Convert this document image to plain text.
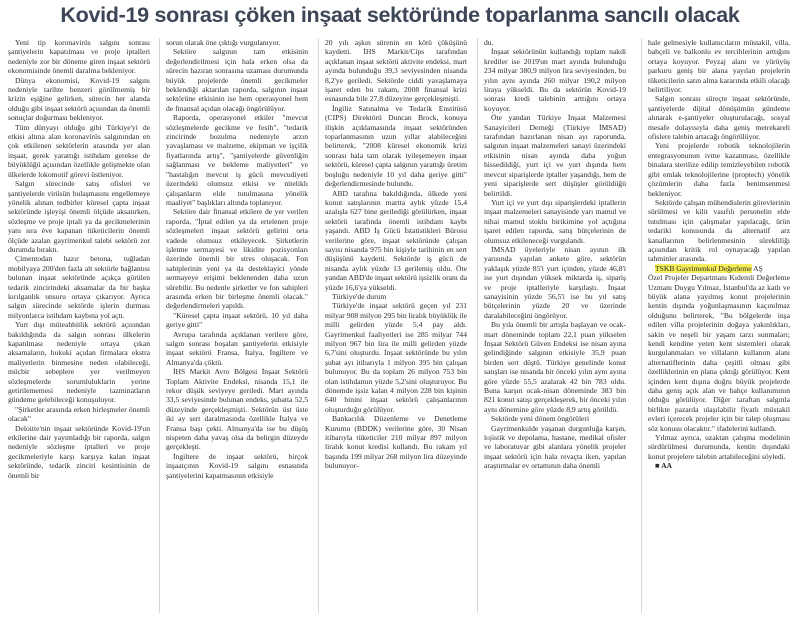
Kovid-19 sonrası çöken inşaat sektöründe toparlanma sancılı olacak

Yeni tip koronavirüs salgını sonrası şantiyelerin kapatılması ve proje iptalleri nedeniyle zor bir döneme giren inşaat sektörü ekonomisinde önemli daralma bekleniyor.

Dünya ekonomisi, Kovid-19 salgını nedeniyle tarihte benzeri görülmemiş bir krizin eşiğine gelirken, sürecin her alanda olduğu gibi inşaat sektörü açısından da önemli sonuçlar doğurması bekleniyor.

Tüm dünyayı olduğu gibi Türkiye'yi de etkisi altına alan koronavirüs salgınından en çok etkilenen sektörlerin arasında yer alan inşaat, gerek yarattığı istihdam gerekse de büyüklüğü açısından özellikle gelişmekte olan ülkelerde lokomotif görevi üstleniyor.

Salgın sürecinde satış ofisleri ve şantiyelerde virüsün bulaşmasını engellemeye yönelik alınan tedbirler küresel çapta inşaat sektöründe işleyişi önemli ölçüde aksatırken, sözleşme ve proje iptali ya da gecikmelerinin yanı sıra ève kapanan tüketicilerin önemli ölçüde azalan gayrimenkul talebi sektörü zor durumda bıraktı.

Çimentodan hazır betona, tuğladan mobilyaya 200'den fazla alt sektörle bağlantısı bulunan inşaat sektöründe açıkça görülen tedarik zincirindeki aksamalar da bir başka kırılganlık unsuru ortaya çıkarıyor. Ayrıca salgın sürecinde sektörde işlerin durması milyonlarca istihdam kaybına yol açtı.

Yurt dışı müteahhitlik sektörü açısından bakıldığında da salgın sonrası ülkelerin kapatılması nedeniyle ortaya çıkan aksamaların, hukuki açıdan firmalara ekstra maliyetlerin binmesine neden olabileceği, mücbir sebeplere yer verilmeyen sözleşmelerde sorumluluklarin yerine getirilememesi nedeniyle tazminatların gündeme gelebileceği konuşuluyor.

"Şirketler arasında erken birleşmeler önemli olacak"

Deloitte'nin inşaat sektöründe Kovid-19'un etkilerine dair yayımladığı bir raporda, salgın nedeniyle sözleşme iptalleri ve proje gecikmeleriyle karşı karşıya kalan inşaat sektöründe, tedarik zinciri kesintisinin de önemli bir

sorun olarak öne çıktığı vurgulanıyor.

Sektöre salgının tam etkisinin değerlendirilmesi için hala erken olsa da sürecin hazıran sonrasına uzaması durumunda büyük projelerde önemli gecikmeler beklendiği aktarılan raporda, salgının inşaat sektörüne etkisinin ise hem operasyonel hem de finansal açıdan olacağı öngörülüyor.

Raporda, operasyonel etkiler "mevcut sözleşmelerde gecikme ve fesih", "tedarik zincirinde bozulma nedeniyle arzın yavaşlaması ve malzeme, ekipman ve işçilik fiyatlarında artış", "şantiyelerde güvenliğin sağlanması ve bekleme maliyetleri" ve "hastalığın mevcut iş gücü mevcudiyeti üzerindeki olumsuz etkisi ve niteliklı çalışanların elde tutulmasına yönelik maaliyet" başlıkları altında toplanıyor.

Sektöre dair finansal etkilere de yer verilen raporda, "İptal edilen ya da ertelenen proje sözleşmeleri inşaat sektörü gelirini orta vadede olumsuz etkileyecek. Şirketlerin işletme sermayesi ve likidite pozisyonları üzerinde önemli bir stres oluşacak. Fon sahiplerinin yeni ya da desteklayici yönde sermayeye erişimi beklenenden daha uzun sürebilir. Bu nedenle şirketler ve fon sahipleri arasında erken bir birleşme önemli olacak." değerlendirmeleri yapıldı.

"Küresel çapta inşaat sektörü, 10 yıl daha geriye gitti"

Avrupa tarafında açıklanan verilere göre, salgın sonrası boşalan şantiyelerin etkisiyle inşaat sektörü Fransa, İtalya, İngiltere ve Almanya'da çöktü.

İHS Markit Avro Bölgesi İnşaat Sektörü Toplam Aktivite Endeksi, nisanda 15,1 ile rekor düşük seviyeye geriledi. Mart ayında 33,5 seviyesinde bulunan endeks, şubatta 52,5 düzeyinde gerçekleşmişti. Sektörün üst üste iki ay sert daralmasında özellikle İtalya ve Fransa başı çekti. Almanya'da ise bu düşüş nispeten daha yavaş olsa da belirgin düzeyde gerçekleşti.

İngiltere de inşaat sektörü, birçok inşaatçının Kovid-19 salgını esnasında şantiyelerini kapatmasının etkisiyle

20 yılı aşkın sürenin en kötü çöküşünü kaydetti. İHS Markit/Cips tarafından açıklanan inşaat sektörü aktivite endeksi, mart ayında bulunduğu 39,3 seviyesinden nisanda 8,2'ye geriledi. Sektörde ciddi yavaşlamaya işaret eden bu rakam, 2008 finansal krizi esnasında bile 27,8 düzeyine gerçekleşmişti.

İngiliz Satınalma ve Tedarik Enstitüsü (CIPS) Direktörü Duncan Brock, konuya ilişkin açıklamasında inşaat sektöründen toparlanmasının uzun yıllar alabileceğini belirterek, "2008 küresel ekonomik krizi sonrası hala tam olarak iyileşemeyen inşaat sektörü, küresel çapta salgının yarattığı üretim boşluğu nedeniyle 10 yıl daha geriye gitti" değerlendirmesinde bulundu.

ABD tarafına bakıldığında, ülkede yeni konut satışlarının martta aylık yüzde 15,4 azalışla 627 bine gerilediği görülürken, inşaat sektörü tarafında önemli istihdam kaybı yaşandı. ABD İş Gücü İstatistikleri Bürosu verilerine göre, inşaat sektöründe çalışan sayısı nisanda 975 bin kişiyle tarihinin en sert düşüşünü kaydetti. Sektörde iş gücü de nisanda aylık yüzde 13 gerilemiş oldu. Öte yandan ABD'de inşaat sektörü işsizlik oranı da yüzde 16,6'ya yükseldi.

Türkiye'de durum

Türkiye'de inşaat sektörü geçen yıl 231 milyar 908 milyon 295 bin liralık büyüklük ile milli gelirden yüzde 5,4 pay aldı. Gayrimenkul faaliyetleri ise 285 milyar 744 milyon 967 bin lira ile milli gelirden yüzde 6,7'sini oluşturdu. İnşaat sektöründe bu yılın şubat ayı itibarıyla 1 milyon 395 bin çalışan bulunuyor. Bu da toplam 26 milyon 753 bin olan istihdamın yüzde 5,2'sini oluşturuyor. Bu dönemde işsiz kalan 4 milyon 228 bin kişinin 640 binini inşaat sektörü çalışanlarının oluşturduğu görülüyor.

Bankacılık Düzenleme ve Denetleme Kurumu (BDDK) verilerine göre, 30 Nisan itibarıyla tüketiciler 210 milyar 897 milyon liralık konut kredisi kullandı. Bu rakam yıl başında 199 milyar 268 milyon lira düzeyinde bulunuyor-

du.

İnşaat sektörünün kullandığı toplam nakdi krediler ise 2019'un mart ayında bulunduğu 234 milyar 380,9 milyon lira seviyesinden, bu yılın aynı ayında 260 milyar 190,2 milyon liraya yükseldi. Bu da sektörün Kovid-19 sonrası kredi talebinin arttığını ortaya koyuyor.

Öte yandan Türkiye İnşaat Malzemesi Sanayicileri Derneği (Türkiye İMSAD) tarafından hazırlanan nisan ayı raporunda, salgının inşaat malzemeleri sanayi üzerindeki etkisinin nisan ayında daha yoğun hissedildiği, yurt içi ve yurt dışında hem mevcut siparişlerde iptaller yaşandığı, hem de yeni siparişlerde sert düşüşler görüldüğü belirtildi.

Yurt içi ve yurt dışı siparişlerdeki iptallerin inşaat malzemeleri sanayisinde yarı mamul ve nihai mamul stoklu birikimine yol açtığına işaret edilen raporda, satış bütçelerinin de olumsuz etkileneceği vurgulandı.

İMSAD üyeleriyle nisan ayının ilk yarısında yapılan ankete göre, sektörün yaklaşık yüzde 85'i yurt içinden, yüzde 46,8'i ise yurt dışından yüksek miktarda iş, sipariş ve proje iptalleriyle karşılaştı. İnşaat sanayisinin yüzde 56,5'i ise bu yıl satış bütçelerinin yüzde 20 ve üzerinde daralabileceğini öngörüyor.

Bu yıla önemli bir artışla başlayan ve ocak-mart döneminde toplam 22,1 puan yükselen İnşaat Sektörü Güven Endeksi ise nisan ayına gelindiğinde salgının etkisiyle 35,9 puan birden sert düştü. Türkiye genelinde konut satışları ise nisanda bir önceki yılın aynı ayına göre yüzde 55,5 azalarak 42 bin 783 oldu. Buna karşın ocak-nisan döneminde 383 bin 821 konut satışı gerçekleşerek, bir önceki yılın aynı dönemine göre yüzde 8,9 artış görüldü.

Sektörde yeni dönem öngörüleri

Gayrimenkulde yaşanan durgunluğa karşın, lojistik ve depolama, hastane, medikal ofisler ve laboratuvar gibi alanlara yönelik projeler inşaat sektörü için hala revaçta iken, yapılan araştırmalar ev ortamının daha önemli

hale gelmesiyle kullanıcıların müstakil, villa, bahçeli ve balkonlu ev tercihlerinin arttığını ortaya koyuyor. Peyzaj alanı ve yürüyüş parkuru geniş bir alana yayılan projelerin tüketicilerin satın alma kararında etkili olacağı belirtiliyor.

Salgın sonrası süreçte inşaat sektöründe, şantiyelerde dijital dönüşümün gündeme alınarak e-şantiyeler oluşturulacağı, sosyal mesafe dolayısıyla daha geniş metrekareli ofislere talebin artacağı öngörülüyor.

Yeni projelerde robotik teknolojilerin entegrasyonunun ivme kazanması, özellikle binalara sterilize edilip temizleyebilen robotik gibi emlak teknolojilerine (proptech) yönelik çözümlerin daha fazla benimsenmesi bekleniyor.

Sektörde çalışan mühendislerin görevlerinin sürülmesi ve kilit vasıfılı personelin elde tutulması için çalışmalar yapılacağı, ürün tedariki konusunda da alternatif arz kanallarının belirlenmesinin sürekliliğı açısından kritik rol oynayacağı yapılan tahminler arasında.

TSKB Gayrimenkul Değerleme AŞ

Özel Projeler Departmanı Kıdemli Değerleme Uzmanı Duygu Yılmaz, İstanbul'da az katlı ve büyük alana yayılmış konut projelerinin kentin dışında yoğunlaşmasının kaçınılmaz olduğunu belirterek, "Bu bölgelerde inşa edilen villa projelerinin doğaya yakınlıkları, sakin ve neşeli bir yaşam tarzı sunmaları; kendi kendine yeten kent sistemleri olarak kurgulanmaları ve villaların kullanım alanı alternatiflerinin daha çeşitli olması gibi özelliklerinin en plana çıktığı görülüyor. Kent içinden kent dışına doğru büyük projelerde daha geniş açık alan ve bahçe kullanımının olduğu görülüyor. Diğer taraftan salgınla birlikte pazarda ulaşılabilir fiyatlı müstakil evleri içerecek projeler için bir talep oluşması söz konusu olacaktır." ifadelerini kullandı.

Yılmaz ayrıca, uzaktan çalışma modelinin sürdürülmesi durumunda, kentin dışındaki konut projelere talebin artabileceğini söyledi.

■ AA
